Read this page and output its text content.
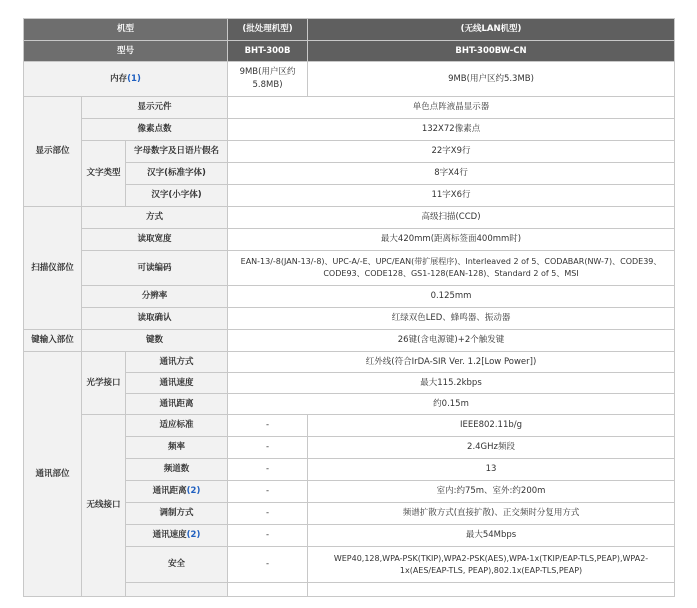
机型			(批处理机型)	(无线LAN机型)
型号			BHT-300B	BHT-300BW-CN
内存(1)			9MB(用户区约5.8MB)	9MB(用户区约5.3MB)
显示部位	显示元件		单色点阵液晶显示器	
	像素点数		132X72像素点	
	文字类型	字母数字及日语片假名	22字X9行	
		汉字(标准字体)	8字X4行	
		汉字(小字体)	11字X6行	
扫描仪部位	方式		高级扫描(CCD)	
	读取宽度		最大420mm(距离标签面400mm时)	
	可读编码		EAN-13/-8(JAN-13/-8)、UPC-A/-E、UPC/EAN(带扩展程序)、Interleaved 2 of 5、CODABAR(NW-7)、CODE39、CODE93、CODE128、GS1-128(EAN-128)、Standard 2 of 5、MSI	
	分辨率		0.125mm	
	读取确认		红绿双色LED、蜂鸣器、振动器	
键输入部位	键数		26键(含电源键)+2个触发键	
通讯部位	光学接口	通讯方式	红外线(符合IrDA-SIR Ver. 1.2[Low Power])	
		通讯速度	最大115.2kbps	
		通讯距离	约0.15m	
	无线接口	适应标准	-	IEEE802.11b/g
		频率	-	2.4GHz频段
		频道数	-	13
		通讯距离(2)	-	室内:约75m、室外:约200m
		调制方式	-	频谱扩散方式(直接扩散)、正交频时分复用方式
		通讯速度(2)	-	最大54Mbps
		安全	-	WEP40,128,WPA-PSK(TKIP),WPA2-PSK(AES),WPA-1x(TKIP/EAP-TLS,PEAP),WPA2-1x(AES/EAP-TLS, PEAP),802.1x(EAP-TLS,PEAP)
